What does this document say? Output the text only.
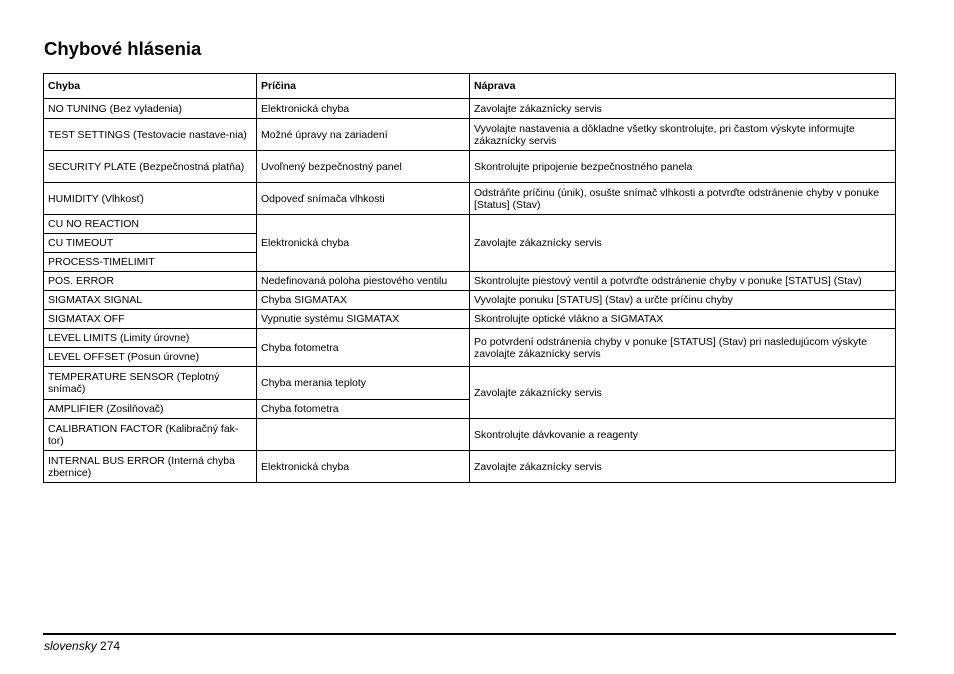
Chybové hlásenia
Chyba	Príčina	Náprava
NO TUNING (Bez vyladenia)	Elektronická chyba	Zavolajte zákaznícky servis
TEST SETTINGS (Testovacie nastave-nia)	Možné úpravy na zariadení	Vyvolajte nastavenia a dôkladne všetky skontrolujte, pri častom výskyte informujte zákaznícky servis
SECURITY PLATE (Bezpečnostná platňa)	Uvoľnený bezpečnostný panel	Skontrolujte pripojenie bezpečnostného panela
HUMIDITY (Vlhkosť)	Odpoveď snímača vlhkosti	Odstráňte príčinu (únik), osušte snímač vlhkosti a potvrďte odstránenie chyby v ponuke [Status] (Stav)
CU NO REACTION	Elektronická chyba	Zavolajte zákaznícky servis
CU TIMEOUT		
PROCESS-TIMELIMIT		
POS. ERROR	Nedefinovaná poloha piestového ventilu	Skontrolujte piestový ventil a potvrďte odstránenie chyby v ponuke [STATUS] (Stav)
SIGMATAX SIGNAL	Chyba SIGMATAX	Vyvolajte ponuku [STATUS] (Stav) a určte príčinu chyby
SIGMATAX OFF	Vypnutie systému SIGMATAX	Skontrolujte optické vlákno a SIGMATAX
LEVEL LIMITS (Limity úrovne)	Chyba fotometra	Po potvrdení odstránenia chyby v ponuke [STATUS] (Stav) pri nasledujúcom výskyte zavolajte zákaznícky servis
LEVEL OFFSET (Posun úrovne)		
TEMPERATURE SENSOR (Teplotný snímač)	Chyba merania teploty	Zavolajte zákaznícky servis
AMPLIFIER (Zosilňovač)	Chyba fotometra	
CALIBRATION FACTOR (Kalibračný fak-tor)		Skontrolujte dávkovanie a reagenty
INTERNAL BUS ERROR (Interná chyba zbernice)	Elektronická chyba	Zavolajte zákaznícky servis
slovensky 274
